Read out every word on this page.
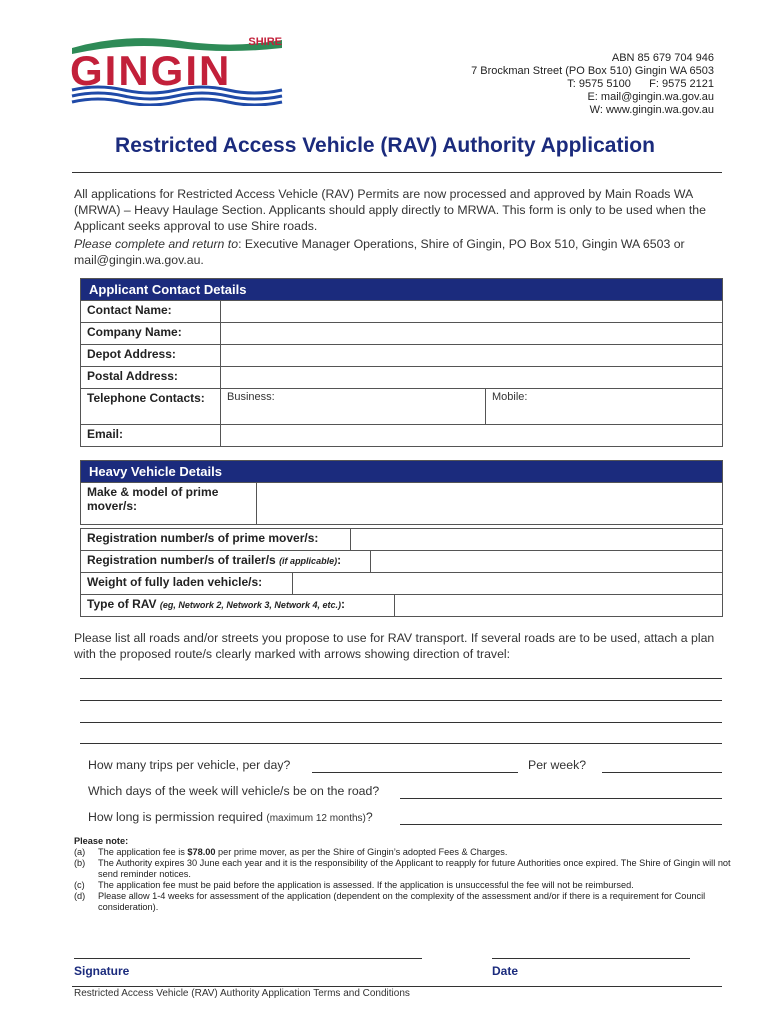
SHIRE
GINGIN	ABN 85 679 704 946
7 Brockman Street (PO Box 510) Gingin WA 6503
T: 9575 5100      F: 9575 2121
E: mail@gingin.wa.gov.au
W: www.gingin.wa.gov.au
Restricted Access Vehicle (RAV) Authority Application
All applications for Restricted Access Vehicle (RAV) Permits are now processed and approved by Main Roads WA (MRWA) – Heavy Haulage Section. Applicants should apply directly to MRWA. This form is only to be used when the Applicant seeks approval to use Shire roads.
Please complete and return to: Executive Manager Operations, Shire of Gingin, PO Box 510, Gingin WA 6503 or mail@gingin.wa.gov.au.
Applicant Contact Details		
Contact Name:		
Company Name:		
Depot Address:		
Postal Address:		
Telephone Contacts:	Business:	Mobile:
Email:		
Heavy Vehicle Details
Make & model of prime mover/s:	
Registration number/s of prime mover/s:	
Registration number/s of trailer/s (if applicable):	
Weight of fully laden vehicle/s:	
Type of RAV (eg, Network 2, Network 3, Network 4, etc.):	
Please list all roads and/or streets you propose to use for RAV transport. If several roads are to be used, attach a plan with the proposed route/s clearly marked with arrows showing direction of travel:
How many trips per vehicle, per day?	Per week?
Which days of the week will vehicle/s be on the road?
How long is permission required (maximum 12 months)?
Please note:
(a)	The application fee is $78.00 per prime mover, as per the Shire of Gingin’s adopted Fees & Charges.
(b)	The Authority expires 30 June each year and it is the responsibility of the Applicant to reapply for future Authorities once expired. The Shire of Gingin will not send reminder notices.
(c)	The application fee must be paid before the application is assessed. If the application is unsuccessful the fee will not be reimbursed.
(d)	Please allow 1-4 weeks for assessment of the application (dependent on the complexity of the assessment and/or if there is a requirement for Council consideration).
Signature	Date
Restricted Access Vehicle (RAV) Authority Application Terms and Conditions
